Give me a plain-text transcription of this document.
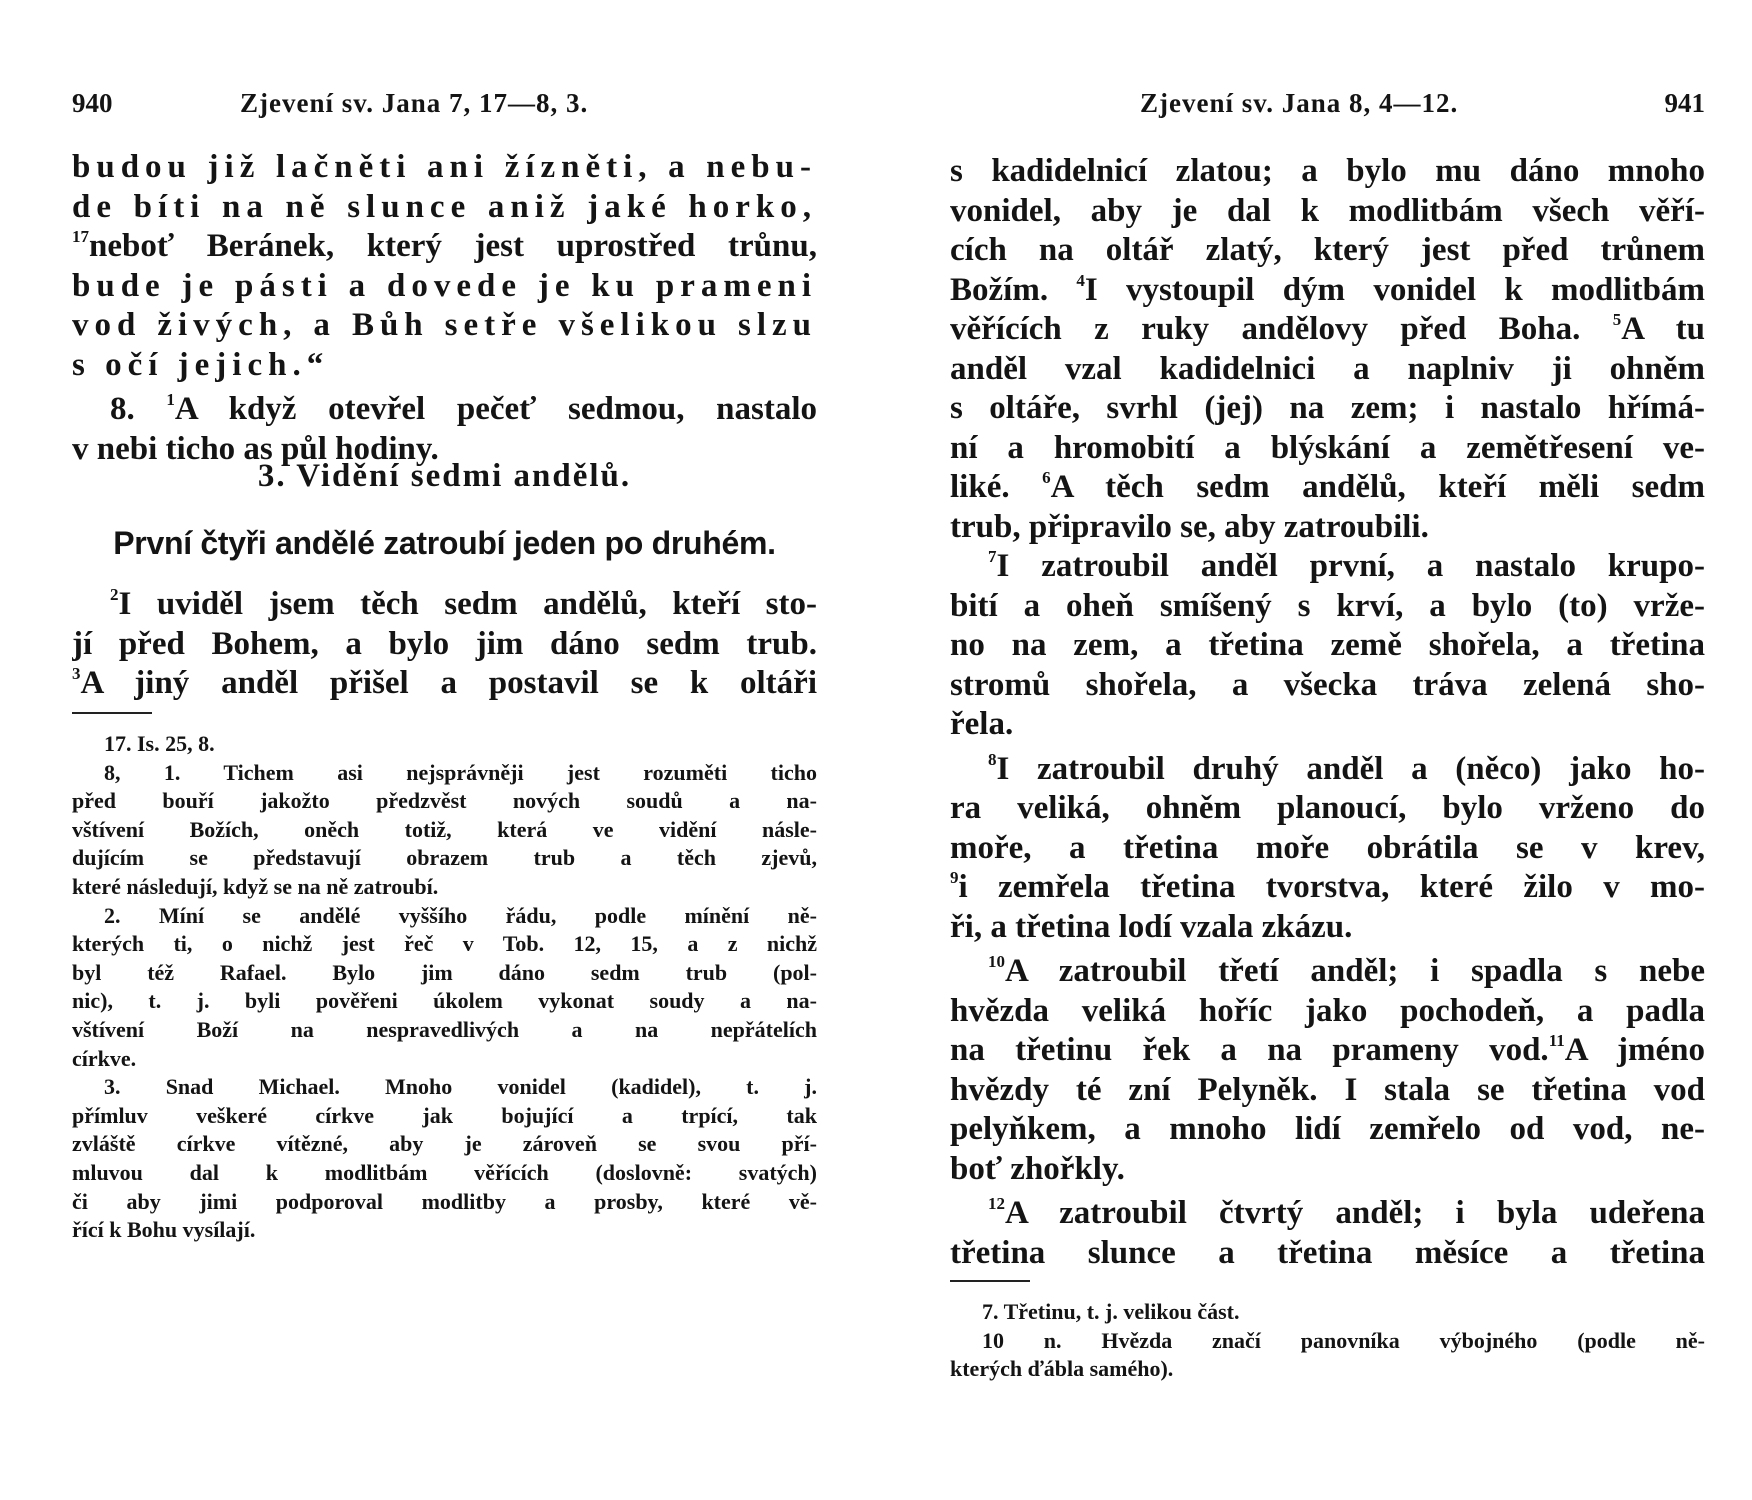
940	Zjevení sv. Jana 7, 17—8, 3.
budou již lačněti ani žízněti, a nebu-
de bíti na ně slunce aniž jaké horko,
$^{17}$neboť Beránek, který jest uprostřed trůnu,
bude je pásti a dovede je ku prameni
vod živých, a Bůh setře všelikou slzu
s očí jejich.“
8. $^1$A když otevřel pečeť sedmou, nastalo
v nebi ticho as půl hodiny.
3. Vidění sedmi andělů.
První čtyři andělé zatroubí jeden po druhém.
$^2$I uviděl jsem těch sedm andělů, kteří sto-
jí před Bohem, a bylo jim dáno sedm trub.
$^3$A jiný anděl přišel a postavil se k oltáři
17. Is. 25, 8.
8, 1. Tichem asi nejsprávněji jest rozuměti ticho
před bouří jakožto předzvěst nových soudů a na-
vštívení Božích, oněch totiž, která ve vidění násle-
dujícím se představují obrazem trub a těch zjevů,
které následují, když se na ně zatroubí.
2. Míní se andělé vyššího řádu, podle mínění ně-
kterých ti, o nichž jest řeč v Tob. 12, 15, a z nichž
byl též Rafael. Bylo jim dáno sedm trub (pol-
nic), t. j. byli pověřeni úkolem vykonat soudy a na-
vštívení Boží na nespravedlivých a na nepřátelích
církve.
3. Snad Michael. Mnoho vonidel (kadidel), t. j.
přímluv veškeré církve jak bojující a trpící, tak
zvláště církve vítězné, aby je zároveň se svou pří-
mluvou dal k modlitbám věřících (doslovně: svatých)
či aby jimi podporoval modlitby a prosby, které vě-
řící k Bohu vysílají.
Zjevení sv. Jana 8, 4—12.	941
s kadidelnicí zlatou; a bylo mu dáno mnoho
vonidel, aby je dal k modlitbám všech věří-
cích na oltář zlatý, který jest před trůnem
Božím. $^4$I vystoupil dým vonidel k modlitbám
věřících z ruky andělovy před Boha. $^5$A tu
anděl vzal kadidelnici a naplniv ji ohněm
s oltáře, svrhl (jej) na zem; i nastalo hřímá-
ní a hromobití a blýskání a zemětřesení ve-
liké. $^6$A těch sedm andělů, kteří měli sedm
trub, připravilo se, aby zatroubili.
$^7$I zatroubil anděl první, a nastalo krupo-
bití a oheň smíšený s krví, a bylo (to) vrže-
no na zem, a třetina země shořela, a třetina
stromů shořela, a všecka tráva zelená sho-
řela.
$^8$I zatroubil druhý anděl a (něco) jako ho-
ra veliká, ohněm planoucí, bylo vrženo do
moře, a třetina moře obrátila se v krev,
$^9$i zemřela třetina tvorstva, které žilo v mo-
ři, a třetina lodí vzala zkázu.
$^{10}$A zatroubil třetí anděl; i spadla s nebe
hvězda veliká hoříc jako pochodeň, a padla
na třetinu řek a na prameny vod.$^{11}$A jméno
hvězdy té zní Pelyněk. I stala se třetina vod
pelyňkem, a mnoho lidí zemřelo od vod, ne-
boť zhořkly.
$^{12}$A zatroubil čtvrtý anděl; i byla udeřena
třetina slunce a třetina měsíce a třetina
7. Třetinu, t. j. velikou část.
10 n. Hvězda značí panovníka výbojného (podle ně-
kterých ďábla samého).
